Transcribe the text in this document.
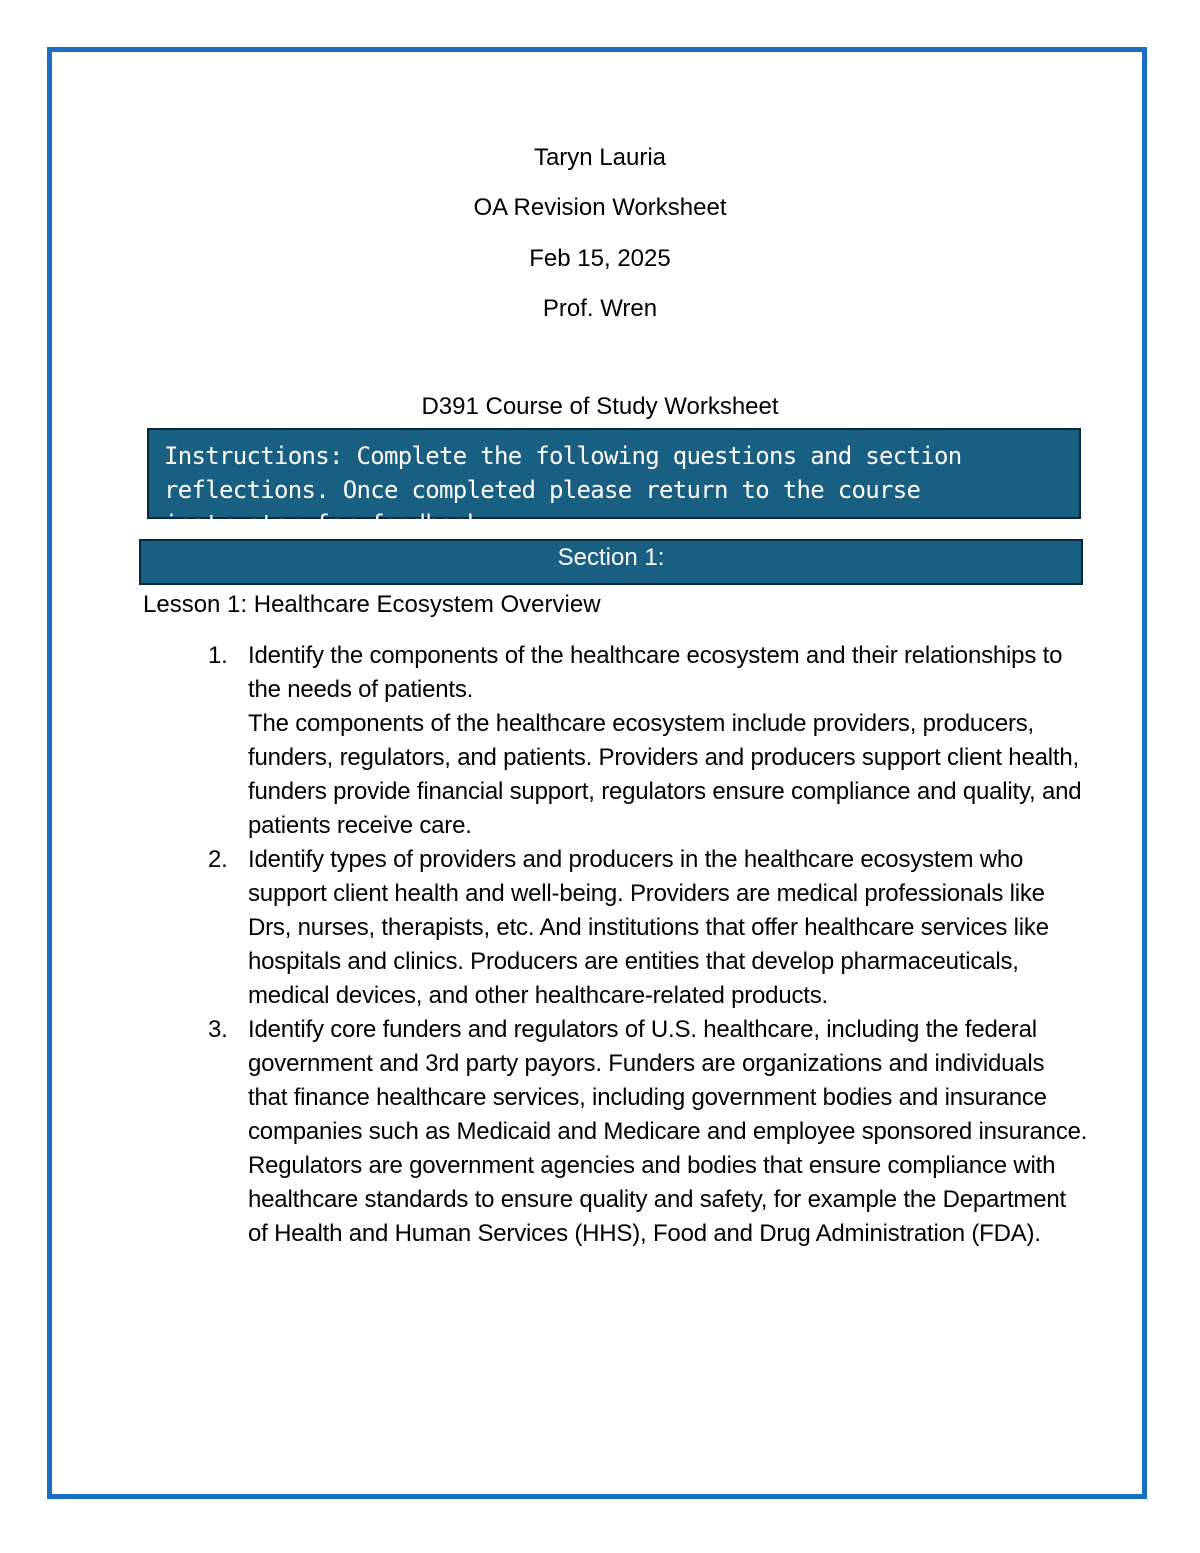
Taryn Lauria
OA Revision Worksheet
Feb 15, 2025
Prof. Wren
D391 Course of Study Worksheet

Instructions: Complete the following questions and section reflections. Once completed please return to the course instructor for feedback.

Section 1:
Lesson 1: Healthcare Ecosystem Overview
1. Identify the components of the healthcare ecosystem and their relationships to the needs of patients.
The components of the healthcare ecosystem include providers, producers, funders, regulators, and patients. Providers and producers support client health, funders provide financial support, regulators ensure compliance and quality, and patients receive care.
2. Identify types of providers and producers in the healthcare ecosystem who support client health and well-being. Providers are medical professionals like Drs, nurses, therapists, etc. And institutions that offer healthcare services like hospitals and clinics. Producers are entities that develop pharmaceuticals, medical devices, and other healthcare-related products.
3. Identify core funders and regulators of U.S. healthcare, including the federal government and 3rd party payors. Funders are organizations and individuals that finance healthcare services, including government bodies and insurance companies such as Medicaid and Medicare and employee sponsored insurance. Regulators are government agencies and bodies that ensure compliance with healthcare standards to ensure quality and safety, for example the Department of Health and Human Services (HHS), Food and Drug Administration (FDA).
